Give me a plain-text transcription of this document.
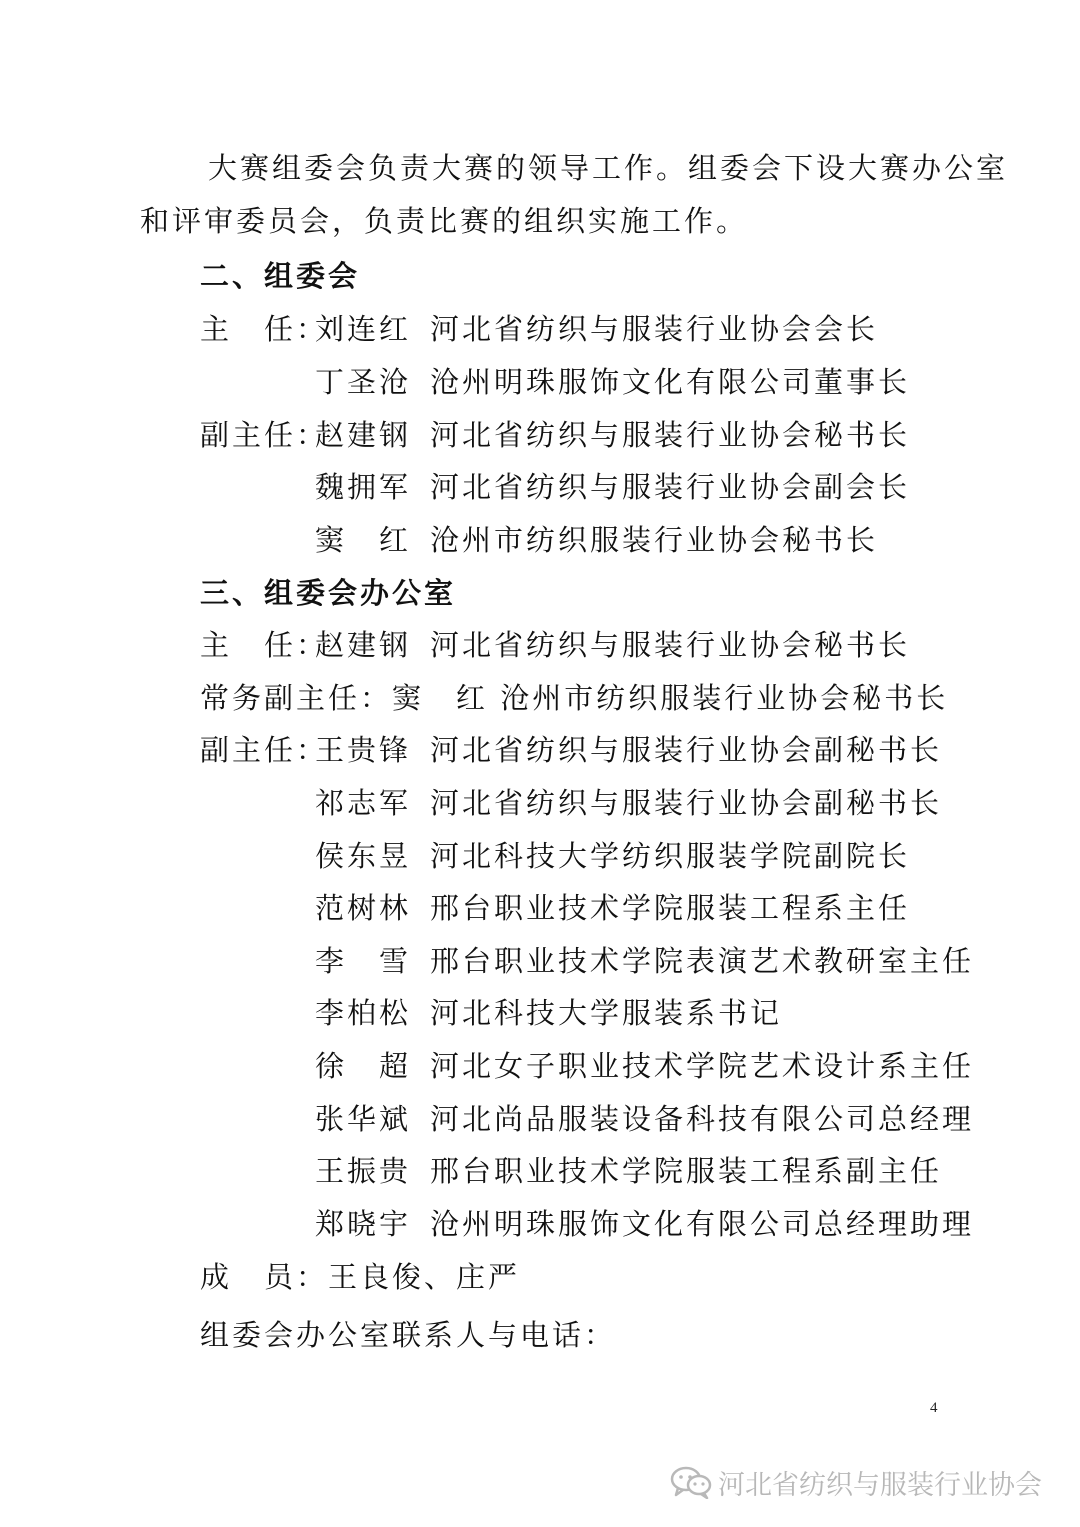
大赛组委会负责大赛的领导工作。组委会下设大赛办公室
和评审委员会，负责比赛的组织实施工作。
二、组委会
主　任：
刘连红 河北省纺织与服装行业协会会长
丁圣沧 沧州明珠服饰文化有限公司董事长
副主任：
赵建钢 河北省纺织与服装行业协会秘书长
魏拥军 河北省纺织与服装行业协会副会长
窦　红 沧州市纺织服装行业协会秘书长
三、组委会办公室
主　任：
赵建钢 河北省纺织与服装行业协会秘书长
常务副主任：窦　红 沧州市纺织服装行业协会秘书长
副主任：
王贵锋 河北省纺织与服装行业协会副秘书长
祁志军 河北省纺织与服装行业协会副秘书长
侯东昱 河北科技大学纺织服装学院副院长
范树林 邢台职业技术学院服装工程系主任
李　雪 邢台职业技术学院表演艺术教研室主任
李柏松 河北科技大学服装系书记
徐　超 河北女子职业技术学院艺术设计系主任
张华斌 河北尚品服装设备科技有限公司总经理
王振贵 邢台职业技术学院服装工程系副主任
郑晓宇 沧州明珠服饰文化有限公司总经理助理
成　员：王良俊、庄严
组委会办公室联系人与电话：
4
河北省纺织与服装行业协会
